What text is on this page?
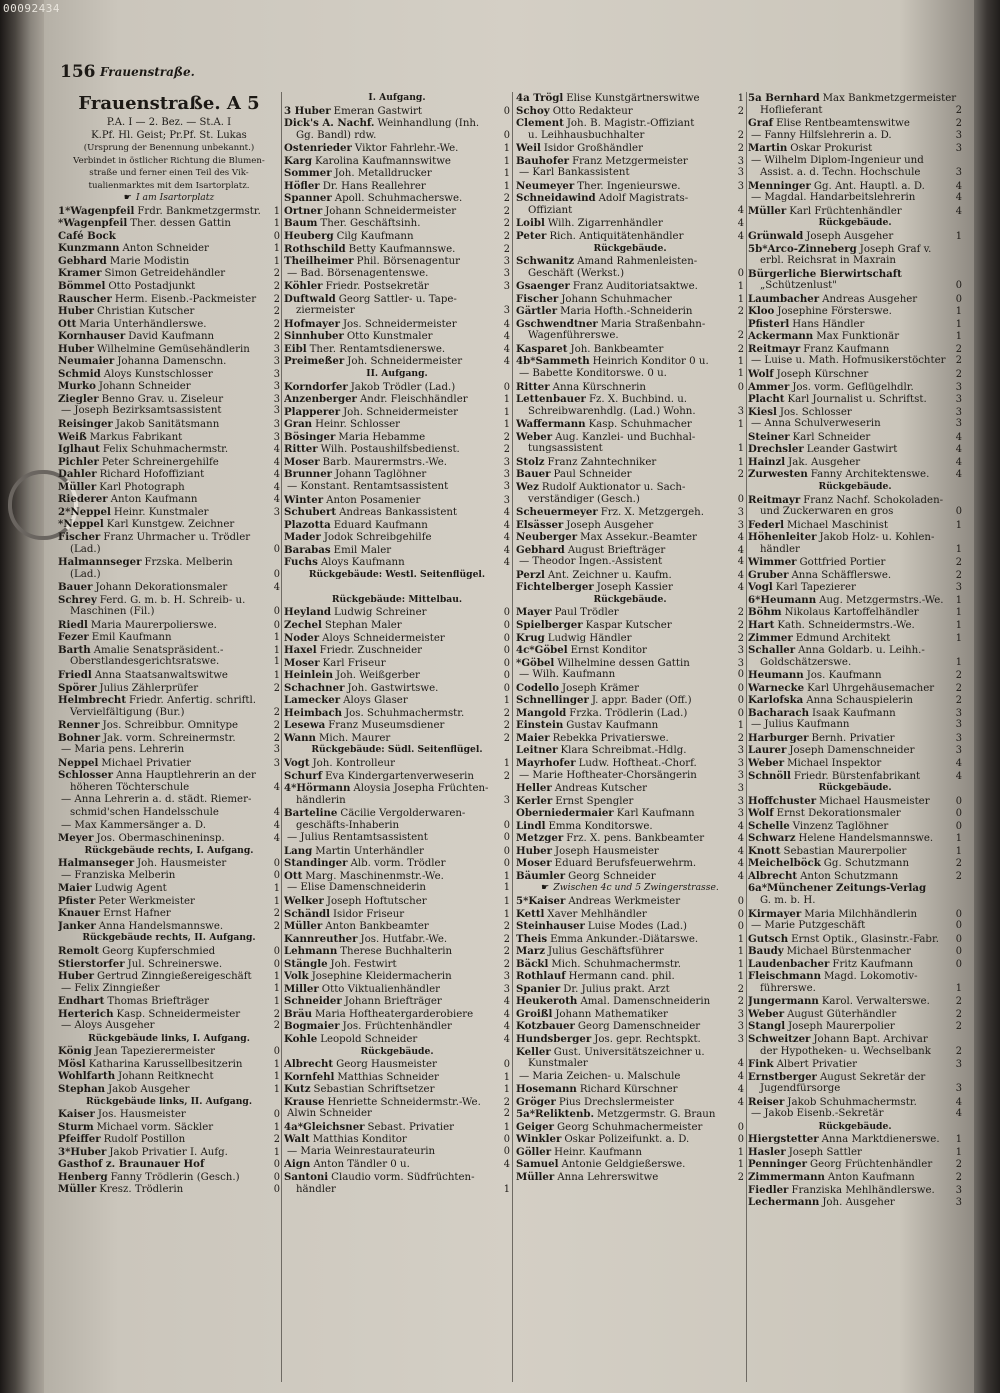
00092434
156 Frauenstraße.
Frauenstraße. A 5
P.A. I — 2. Bez. — St.A. I
K.Pf. Hl. Geist; Pr.Pf. St. Lukas
(Ursprung der Benennung unbekannt.)
Verbindet in östlicher Richtung die Blumen-
straße und ferner einen Teil des Vik-
tualienmarktes mit dem Isartorplatz.
☛ I am Isartorplatz
1*Wagenpfeil Frdr. Bankmetzgermstr.	1
*Wagenpfeil Ther. dessen Gattin	1
Café Bock	0
Kunzmann Anton Schneider	1
Gebhard Marie Modistin	1
Kramer Simon Getreidehändler	2
Bömmel Otto Postadjunkt	2
Rauscher Herm. Eisenb.-Packmeister	2
Huber Christian Kutscher	2
Ott Maria Unterhändlerswe.	2
Kornhauser David Kaufmann	2
Huber Wilhelmine Gemüsehändlerin	3
Neumaier Johanna Damenschn.	3
Schmid Aloys Kunstschlosser	3
Murko Johann Schneider	3
Ziegler Benno Grav. u. Ziseleur	3
— Joseph Bezirksamtsassistent	3
Reisinger Jakob Sanitätsmann	3
Weiß Markus Fabrikant	3
Iglhaut Felix Schuhmachermstr.	4
Pichler Peter Schreinergehilfe	4
Dahler Richard Hofoffiziant	4
Müller Karl Photograph	4
Riederer Anton Kaufmann	4
2*Neppel Heinr. Kunstmaler	3
*Neppel Karl Kunstgew. Zeichner
Fischer Franz Uhrmacher u. Trödler
(Lad.)	0
Halmannseger Frzska. Melberin
(Lad.)	0
Bauer Johann Dekorationsmaler	4
Schrey Ferd. G. m. b. H. Schreib- u.
Maschinen (Fil.)	0
Riedl Maria Maurerpolierswe.	0
Fezer Emil Kaufmann	1
Barth Amalie Senatspräsident.-	1
Oberstlandesgerichtsratswe.	1
Friedl Anna Staatsanwaltswitwe	1
Spörer Julius Zählerprüfer	2
Helmbrecht Friedr. Anfertig. schriftl.
Vervielfältigung (Bur.)	2
Renner Jos. Schreibbur. Omnitype	2
Bohner Jak. vorm. Schreinermstr.	2
— Maria pens. Lehrerin	3
Neppel Michael Privatier	3
Schlosser Anna Hauptlehrerin an der
höheren Töchterschule	4
— Anna Lehrerin a. d. städt. Riemer-
schmid'schen Handelsschule	4
— Max Kammersänger a. D.	4
Meyer Jos. Obermaschineninsp.	4
Rückgebäude rechts, I. Aufgang.
Halmanseger Joh. Hausmeister	0
— Franziska Melberin	0
Maier Ludwig Agent	1
Pfister Peter Werkmeister	1
Knauer Ernst Hafner	2
Janker Anna Handelsmannswe.	2
Rückgebäude rechts, II. Aufgang.
Remolt Georg Kupferschmied	0
Stierstorfer Jul. Schreinerswe.	0
Huber Gertrud Zinngießereigeschäft	1
— Felix Zinngießer	1
Endhart Thomas Briefträger	1
Herterich Kasp. Schneidermeister	2
— Aloys Ausgeher	2
Rückgebäude links, I. Aufgang.
König Jean Tapezierermeister	0
Mösl Katharina Karussellbesitzerin	1
Wohlfarth Johann Reitknecht	1
Stephan Jakob Ausgeher	1
Rückgebäude links, II. Aufgang.
Kaiser Jos. Hausmeister	0
Sturm Michael vorm. Säckler	1
Pfeiffer Rudolf Postillon	2
3*Huber Jakob Privatier I. Aufg.	1
Gasthof z. Braunauer Hof	0
Henberg Fanny Trödlerin (Gesch.)	0
Müller Kresz. Trödlerin	0
I. Aufgang.
3 Huber Emeran Gastwirt	0
Dick's A. Nachf. Weinhandlung (Inh.
Gg. Bandl) rdw.	0
Ostenrieder Viktor Fahrlehr.-We.	1
Karg Karolina Kaufmannswitwe	1
Sommer Joh. Metalldrucker	1
Höfler Dr. Hans Reallehrer	1
Spanner Apoll. Schuhmacherswe.	2
Ortner Johann Schneidermeister	2
Baum Ther. Geschäftsinh.	2
Heuberg Cilg Kaufmann	2
Rothschild Betty Kaufmannswe.	2
Theilheimer Phil. Börsenagentur	3
— Bad. Börsenagentenswe.	3
Köhler Friedr. Postsekretär	3
Duftwald Georg Sattler- u. Tape-
ziermeister	3
Hofmayer Jos. Schneidermeister	4
Sinnhuber Otto Kunstmaler	4
Eibl Ther. Rentamtsdienerswe.	4
Preimeßer Joh. Schneidermeister	4
II. Aufgang.
Korndorfer Jakob Trödler (Lad.)	0
Anzenberger Andr. Fleischhändler	1
Plapperer Joh. Schneidermeister	1
Gran Heinr. Schlosser	1
Bösinger Maria Hebamme	2
Ritter Wilh. Postaushilfsbedienst.	2
Moser Barb. Maurermstrs.-We.	3
Brunner Johann Taglöhner	3
— Konstant. Rentamtsassistent	3
Winter Anton Posamenier	3
Schubert Andreas Bankassistent	4
Plazotta Eduard Kaufmann	4
Mader Jodok Schreibgehilfe	4
Barabas Emil Maler	4
Fuchs Aloys Kaufmann	4
Rückgebäude: Westl. Seitenflügel.
Rückgebäude: Mittelbau.
Heyland Ludwig Schreiner	0
Zechel Stephan Maler	0
Noder Aloys Schneidermeister	0
Haxel Friedr. Zuschneider	0
Moser Karl Friseur	0
Heinlein Joh. Weißgerber	0
Schachner Joh. Gastwirtswe.	0
Lamecker Aloys Glaser	1
Heimbach Jos. Schuhmachermstr.	2
Lesewa Franz Museumsdiener	2
Wann Mich. Maurer	2
Rückgebäude: Südl. Seitenflügel.
Vogt Joh. Kontrolleur	1
Schurf Eva Kindergartenverweserin	2
4*Hörmann Aloysia Josepha Früchten-
händlerin	3
Barteline Cäcilie Vergolderwaren-
geschäfts-Inhaberin	0
— Julius Rentamtsassistent	0
Lang Martin Unterhändler	0
Standinger Alb. vorm. Trödler	0
Ott Marg. Maschinenmstr.-We.	1
— Elise Damenschneiderin	1
Welker Joseph Hoftutscher	1
Schändl Isidor Friseur	1
Müller Anton Bankbeamter	2
Kannreuther Jos. Hutfabr.-We.	2
Lehmann Therese Buchhalterin	2
Stängle Joh. Festwirt	2
Volk Josephine Kleidermacherin	3
Miller Otto Viktualienhändler	3
Schneider Johann Briefträger	4
Bräu Maria Hoftheatergarderobiere	4
Bogmaier Jos. Früchtenhändler	4
Kohle Leopold Schneider	4
Rückgebäude.
Albrecht Georg Hausmeister	0
Kornfehl Matthias Schneider	1
Kutz Sebastian Schriftsetzer	1
Krause Henriette Schneidermstr.-We.	2
Alwin Schneider	2
4a*Gleichsner Sebast. Privatier	1
Walt Matthias Konditor	0
— Maria Weinrestaurateurin	0
Aign Anton Tändler 0 u.	4
Santoni Claudio vorm. Südfrüchten-
händler	1
4a Trögl Elise Kunstgärtnerswitwe	1
Schoy Otto Redakteur	2
Clement Joh. B. Magistr.-Offiziant
u. Leihhausbuchhalter	2
Weil Isidor Großhändler	2
Bauhofer Franz Metzgermeister	3
— Karl Bankassistent	3
Neumeyer Ther. Ingenieurswe.	3
Schneidawind Adolf Magistrats-
Offiziant	4
Loibl Wilh. Zigarrenhändler	4
Peter Rich. Antiquitätenhändler	4
Rückgebäude.
Schwanitz Amand Rahmenleisten-
Geschäft (Werkst.)	0
Gsaenger Franz Auditoriatsaktwe.	1
Fischer Johann Schuhmacher	1
Gärtler Maria Hofth.-Schneiderin	2
Gschwendtner Maria Straßenbahn-
Wagenführerswe.	2
Kasparet Joh. Bankbeamter	2
4b*Sammeth Heinrich Konditor 0 u.	1
— Babette Konditorswe. 0 u.	1
Ritter Anna Kürschnerin	0
Lettenbauer Fz. X. Buchbind. u.
Schreibwarenhdlg. (Lad.) Wohn.	3
Waffermann Kasp. Schuhmacher	1
Weber Aug. Kanzlei- und Buchhal-
tungsassistent	1
Stolz Franz Zahntechniker	1
Bauer Paul Schneider	2
Wez Rudolf Auktionator u. Sach-
verständiger (Gesch.)	0
Scheuermeyer Frz. X. Metzgergeh.	3
Elsässer Joseph Ausgeher	3
Neuberger Max Assekur.-Beamter	4
Gebhard August Briefträger	4
— Theodor Ingen.-Assistent	4
Perzl Ant. Zeichner u. Kaufm.	4
Fichtelberger Joseph Kassier	4
Rückgebäude.
Mayer Paul Trödler	2
Spielberger Kaspar Kutscher	2
Krug Ludwig Händler	2
4c*Göbel Ernst Konditor	3
*Göbel Wilhelmine dessen Gattin	3
— Wilh. Kaufmann	0
Codello Joseph Krämer	0
Schnellinger J. appr. Bader (Off.)	0
Mangold Frzka. Trödlerin (Lad.)	0
Einstein Gustav Kaufmann	1
Maier Rebekka Privatierswe.	2
Leitner Klara Schreibmat.-Hdlg.	3
Mayrhofer Ludw. Hoftheat.-Chorf.	3
— Marie Hoftheater-Chorsängerin	3
Heller Andreas Kutscher	3
Kerler Ernst Spengler	3
Oberniedermaier Karl Kaufmann	3
Lindl Emma Konditorswe.	4
Metzger Frz. X. pens. Bankbeamter	4
Huber Joseph Hausmeister	4
Moser Eduard Berufsfeuerwehrm.	4
Bäumler Georg Schneider	4
☛ Zwischen 4c und 5 Zwingerstrasse.
5*Kaiser Andreas Werkmeister	0
Kettl Xaver Mehlhändler	0
Steinhauser Luise Modes (Lad.)	0
Theis Emma Ankunder.-Diätarswe.	1
Marz Julius Geschäftsführer	1
Bäckl Mich. Schuhmachermstr.	1
Rothlauf Hermann cand. phil.	1
Spanier Dr. Julius prakt. Arzt	2
Heukeroth Amal. Damenschneiderin	2
Groißl Johann Mathematiker	3
Kotzbauer Georg Damenschneider	3
Hundsberger Jos. gepr. Rechtspkt.	3
Keller Gust. Universitätszeichner u.
Kunstmaler	4
— Maria Zeichen- u. Malschule	4
Hosemann Richard Kürschner	4
Gröger Pius Drechslermeister	4
5a*Reliktenb. Metzgermstr. G. Braun
Geiger Georg Schuhmachermeister	0
Winkler Oskar Polizeifunkt. a. D.	0
Göller Heinr. Kaufmann	1
Samuel Antonie Geldgießerswe.	1
Müller Anna Lehrerswitwe	2
5a Bernhard Max Bankmetzgermeister
Hoflieferant	2
Graf Elise Rentbeamtenswitwe	2
— Fanny Hilfslehrerin a. D.	3
Martin Oskar Prokurist	3
— Wilhelm Diplom-Ingenieur und
Assist. a. d. Techn. Hochschule	3
Menninger Gg. Ant. Hauptl. a. D.	4
— Magdal. Handarbeitslehrerin	4
Müller Karl Früchtenhändler	4
Rückgebäude.
Grünwald Joseph Ausgeher	1
5b*Arco-Zinneberg Joseph Graf v.
erbl. Reichsrat in Maxrain
Bürgerliche Bierwirtschaft
„Schützenlust"	0
Laumbacher Andreas Ausgeher	0
Kloo Josephine Försterswe.	1
Pfisterl Hans Händler	1
Ackermann Max Funktionär	1
Reitmayr Franz Kaufmann	2
— Luise u. Math. Hofmusikerstöchter	2
Wolf Joseph Kürschner	2
Ammer Jos. vorm. Geflügelhdlr.	3
Placht Karl Journalist u. Schriftst.	3
Kiesl Jos. Schlosser	3
— Anna Schulverweserin	3
Steiner Karl Schneider	4
Drechsler Leander Gastwirt	4
Hainzl Jak. Ausgeher	4
Zurwesten Fanny Architektenswe.	4
Rückgebäude.
Reitmayr Franz Nachf. Schokoladen-
und Zuckerwaren en gros	0
Federl Michael Maschinist	1
Höhenleiter Jakob Holz- u. Kohlen-
händler	1
Wimmer Gottfried Portier	2
Gruber Anna Schäfflerswe.	2
Vogl Karl Tapezierer	3
6*Heumann Aug. Metzgermstrs.-We.	1
Böhm Nikolaus Kartoffelhändler	1
Hart Kath. Schneidermstrs.-We.	1
Zimmer Edmund Architekt	1
Schaller Anna Goldarb. u. Leihh.-
Goldschätzerswe.	1
Heumann Jos. Kaufmann	2
Warnecke Karl Uhrgehäusemacher	2
Karlofska Anna Schauspielerin	2
Bacharach Isaak Kaufmann	3
— Julius Kaufmann	3
Harburger Bernh. Privatier	3
Laurer Joseph Damenschneider	3
Weber Michael Inspektor	4
Schnöll Friedr. Bürstenfabrikant	4
Rückgebäude.
Hoffchuster Michael Hausmeister	0
Wolf Ernst Dekorationsmaler	0
Schelle Vinzenz Taglöhner	0
Schwarz Helene Handelsmannswe.	1
Knott Sebastian Maurerpolier	1
Meichelböck Gg. Schutzmann	2
Albrecht Anton Schutzmann	2
6a*Münchener Zeitungs-Verlag
G. m. b. H.
Kirmayer Maria Milchhändlerin	0
— Marie Putzgeschäft	0
Gutsch Ernst Optik., Glasinstr.-Fabr.	0
Baudy Michael Bürstenmacher	0
Laudenbacher Fritz Kaufmann	0
Fleischmann Magd. Lokomotiv-
führerswe.	1
Jungermann Karol. Verwalterswe.	2
Weber August Güterhändler	2
Stangl Joseph Maurerpolier	2
Schweitzer Johann Bapt. Archivar
der Hypotheken- u. Wechselbank	2
Fink Albert Privatier	3
Ernstberger August Sekretär der
Jugendfürsorge	3
Reiser Jakob Schuhmachermstr.	4
— Jakob Eisenb.-Sekretär	4
Rückgebäude.
Hiergstetter Anna Marktdienerswe.	1
Hasler Joseph Sattler	1
Penninger Georg Früchtenhändler	2
Zimmermann Anton Kaufmann	2
Fiedler Franziska Mehlhändlerswe.	3
Lechermann Joh. Ausgeher	3
